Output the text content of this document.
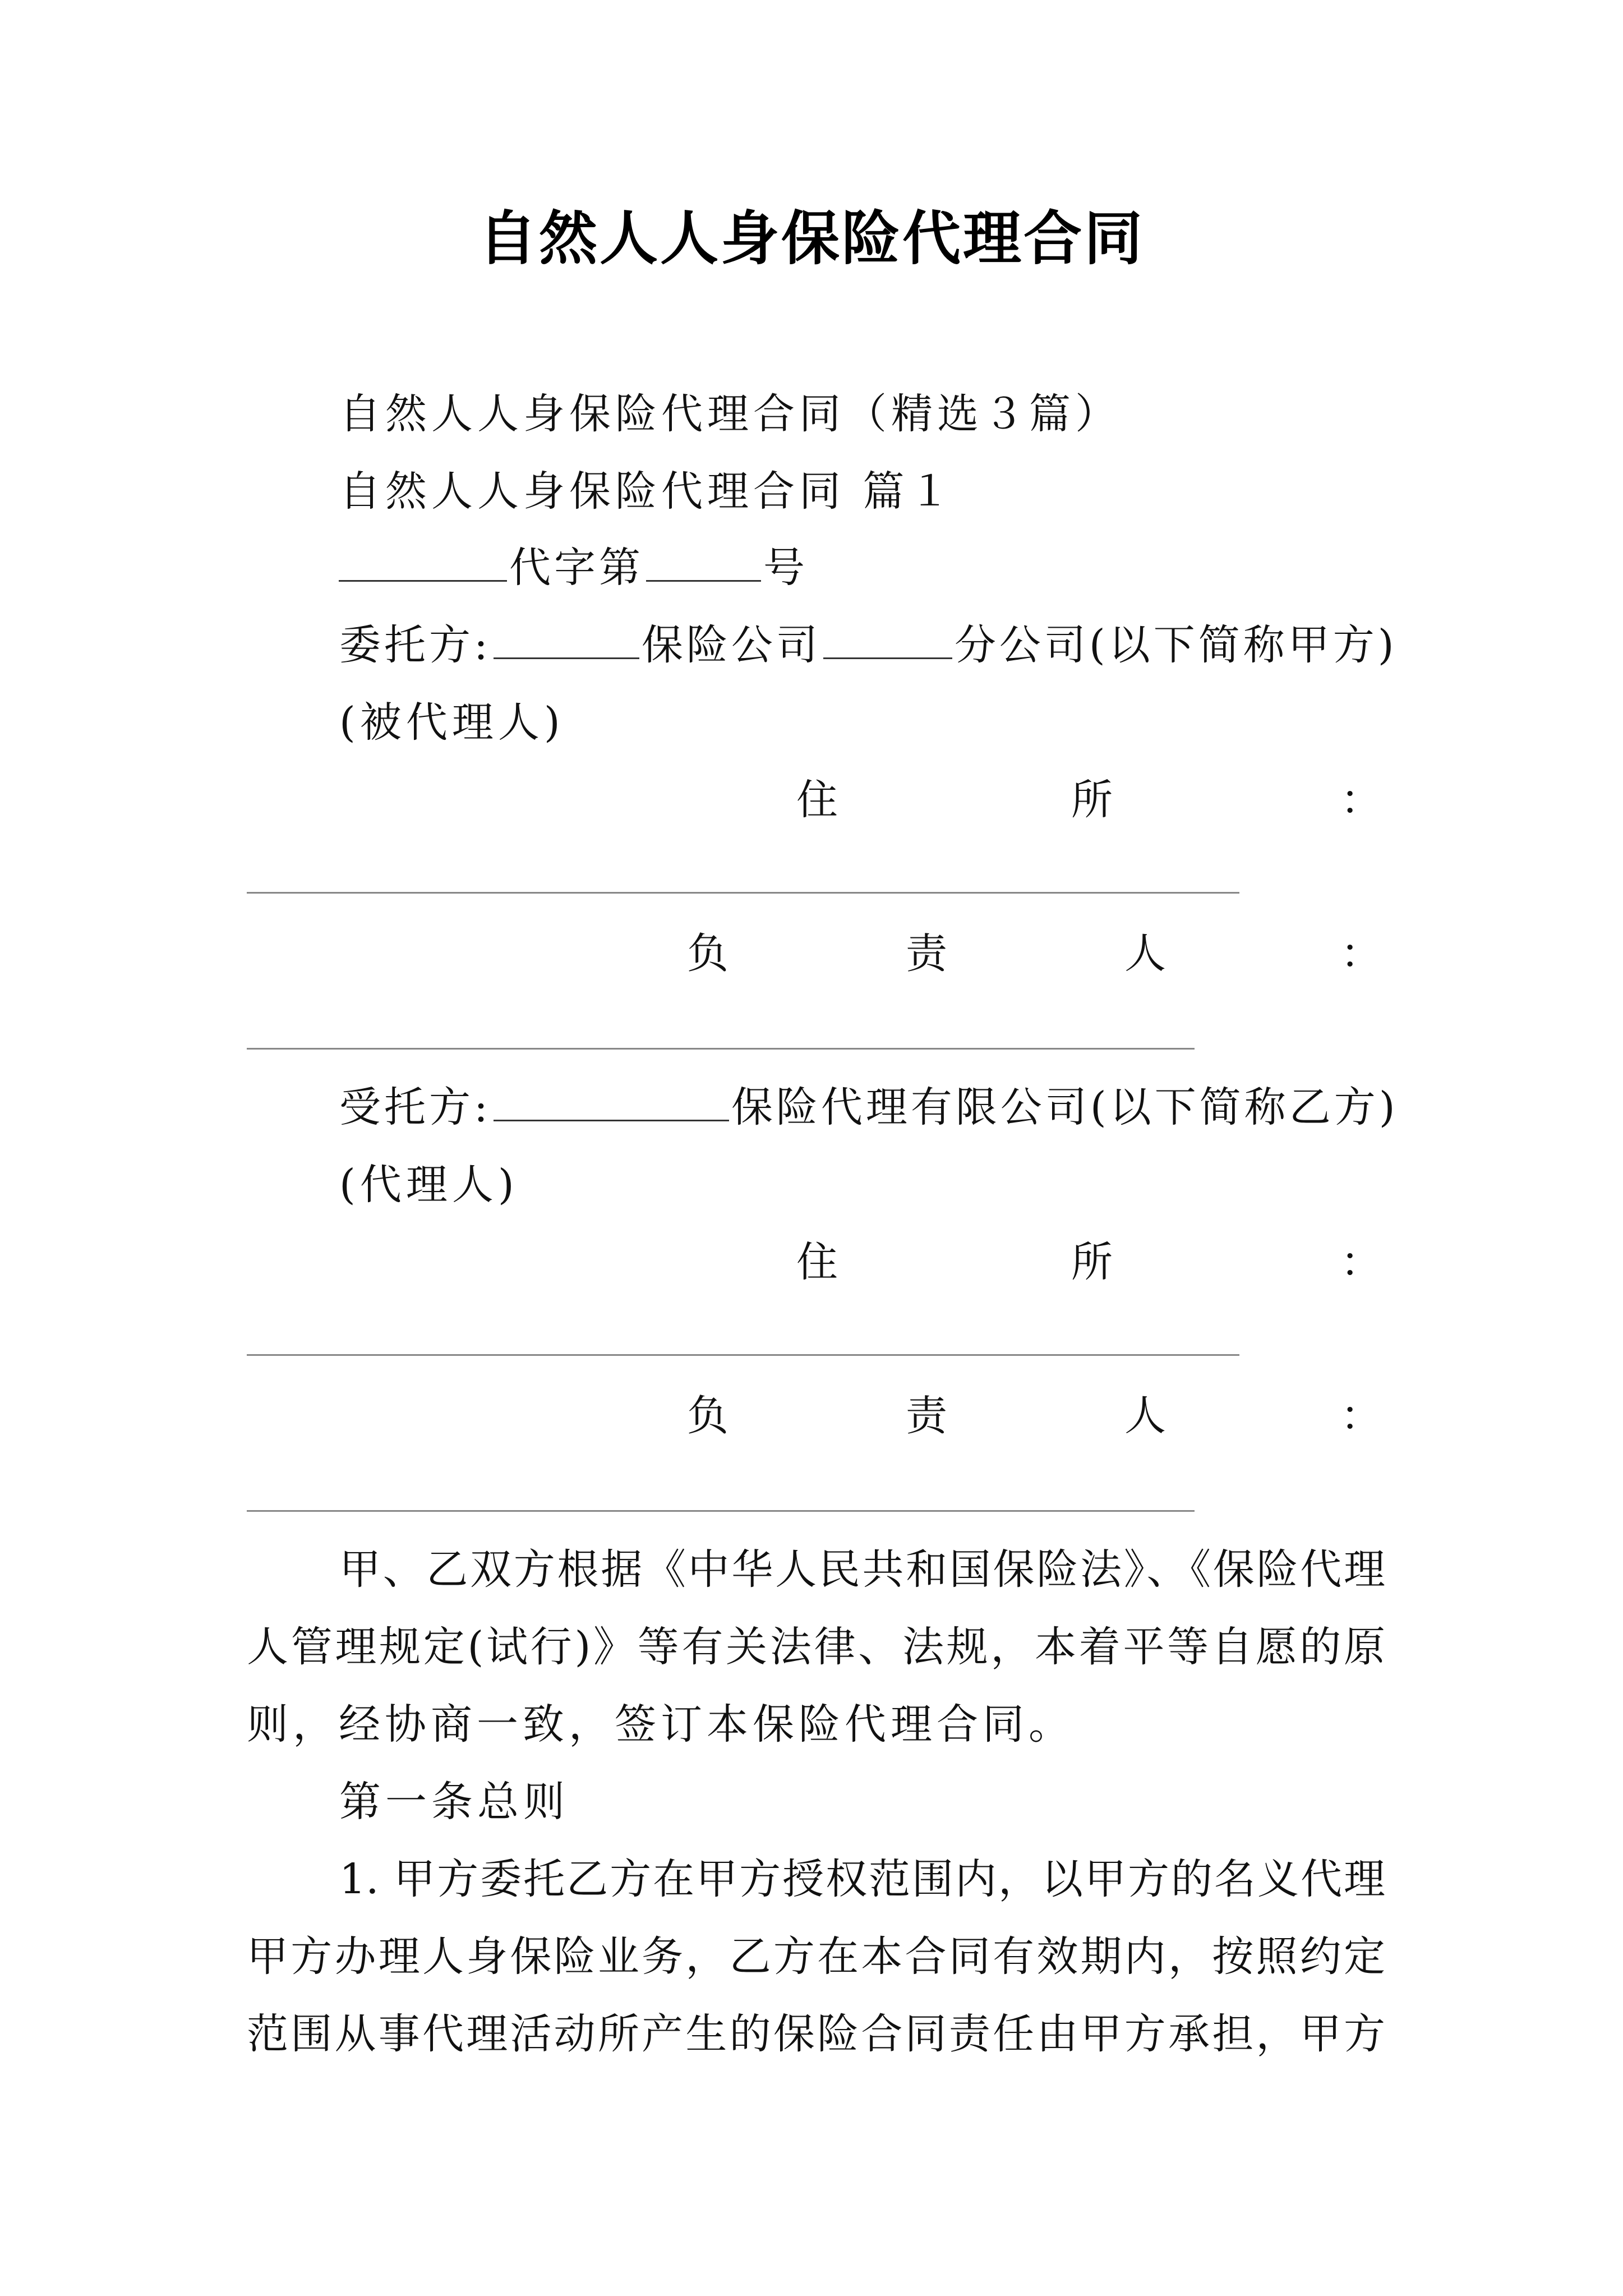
自然人人身保险代理合同
自然人人身保险代理合同（精选３篇）
自然人人身保险代理合同 篇１
代字第	号
委托方:	保险公司	分公司(以下简称甲方)
(被代理人)
住	所	：
负	责	人	：
受托方:	保险代理有限公司(以下简称乙方)
(代理人)
住	所	：
负	责	人	：
甲、乙双方根据《中华人民共和国保险法》、《保险代理
人管理规定(试行)》等有关法律、法规，本着平等自愿的原
则，经协商一致，签订本保险代理合同。
第一条总则
1. 甲方委托乙方在甲方授权范围内，以甲方的名义代理
甲方办理人身保险业务，乙方在本合同有效期内，按照约定
范围从事代理活动所产生的保险合同责任由甲方承担，甲方
